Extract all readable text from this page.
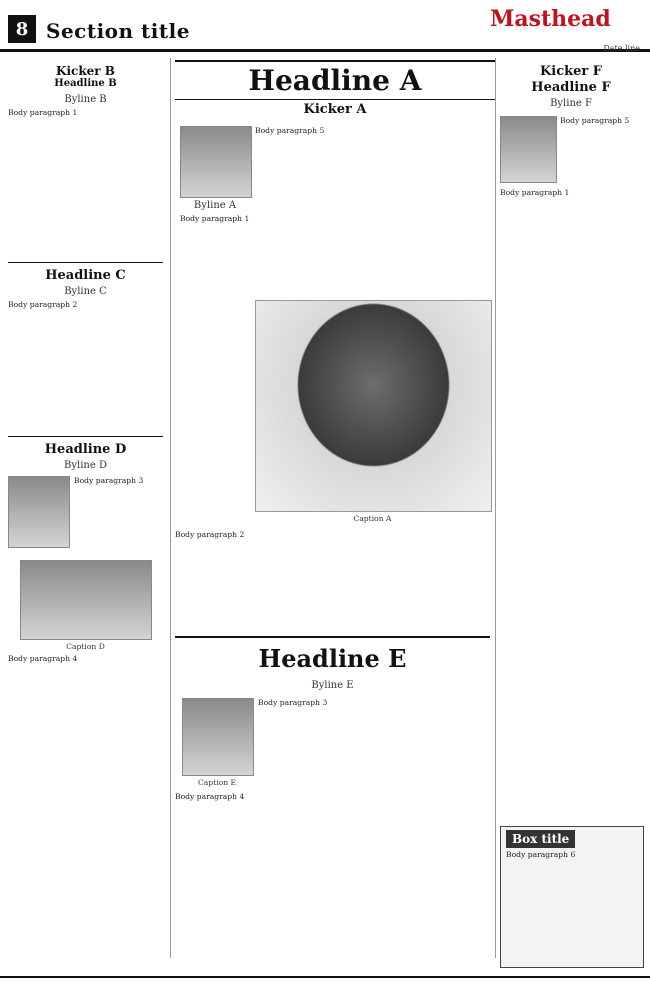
8 Section title	Masthead
Date line
Kicker B
Headline B
Byline B
Body paragraph 1
Headline C
Byline C
Body paragraph 2
Headline D
Byline D
Body paragraph 3
Caption D
Body paragraph 4
Headline A
Kicker A
Byline A
Caption A
Body paragraph 5
Body paragraph 1
Body paragraph 2
Headline E
Byline E
Caption E
Body paragraph 3
Body paragraph 4
Kicker F
Headline F
Byline F
Body paragraph 5
Body paragraph 1
Box title
Body paragraph 6
